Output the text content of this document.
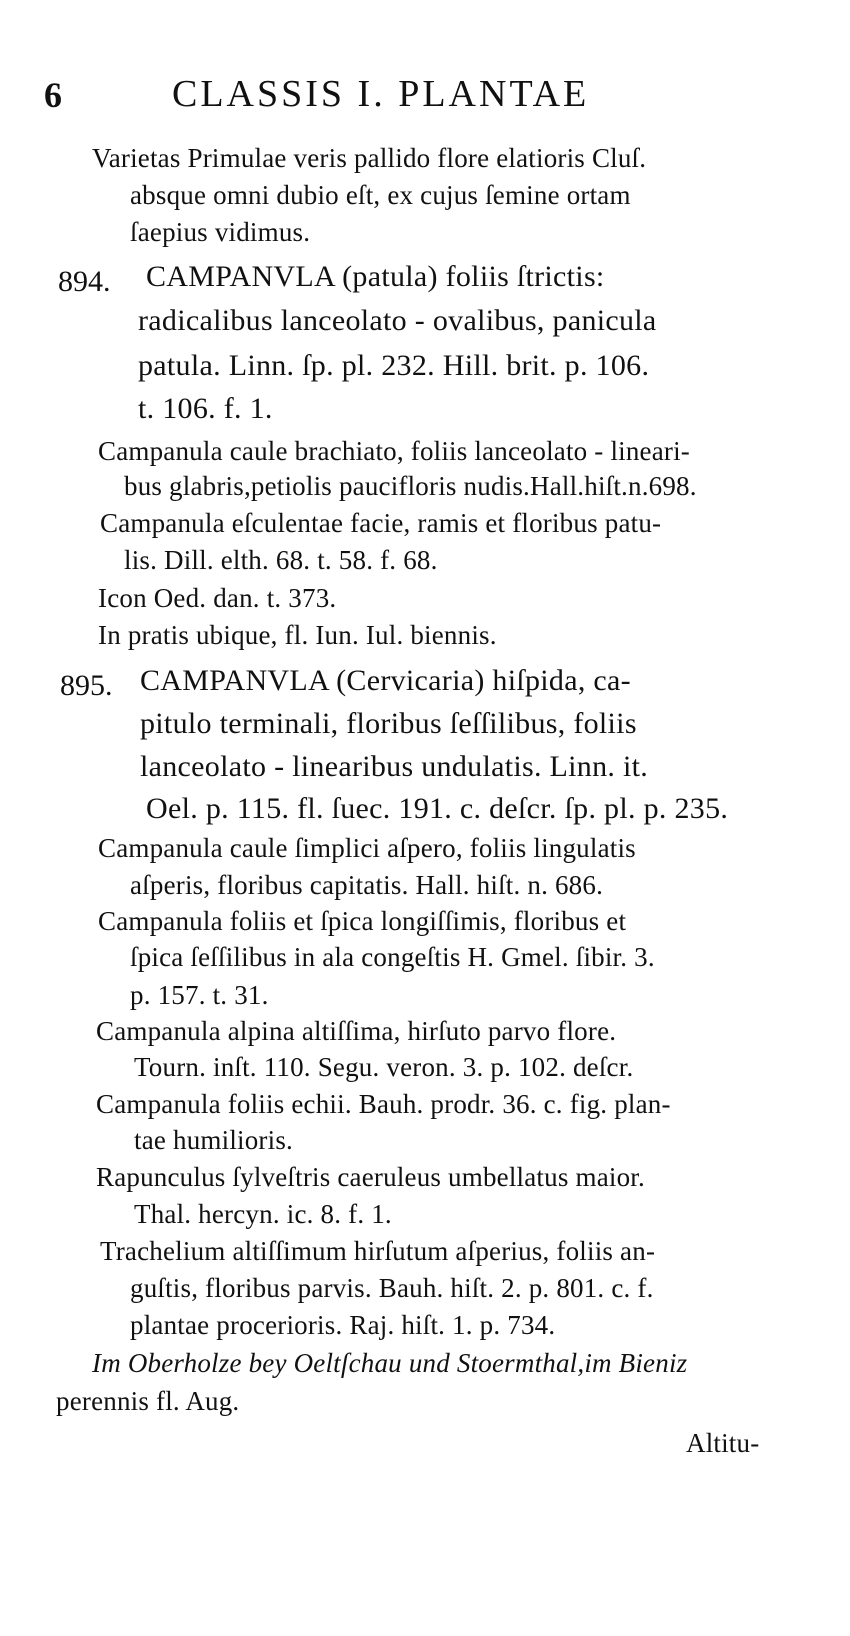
6	CLASSIS I. PLANTAE
Varietas Primulae veris pallido flore elatioris Cluſ.
absque omni dubio eſt, ex cujus ſemine ortam
ſaepius vidimus.
894. CAMPANVLA (patula) foliis ſtrictis:
radicalibus lanceolato - ovalibus, panicula
patula. Linn. ſp. pl. 232. Hill. brit. p. 106.
t. 106. f. 1.
Campanula caule brachiato, foliis lanceolato - lineari-
bus glabris,petiolis paucifloris nudis.Hall.hiſt.n.698.
Campanula eſculentae facie, ramis et floribus patu-
lis. Dill. elth. 68. t. 58. f. 68.
Icon Oed. dan. t. 373.
In pratis ubique, fl. Iun. Iul. biennis.
895. CAMPANVLA (Cervicaria) hiſpida, ca-
pitulo terminali, floribus ſeſſilibus, foliis
lanceolato - linearibus undulatis. Linn. it.
Oel. p. 115. fl. ſuec. 191. c. deſcr. ſp. pl. p. 235.
Campanula caule ſimplici aſpero, foliis lingulatis
aſperis, floribus capitatis. Hall. hiſt. n. 686.
Campanula foliis et ſpica longiſſimis, floribus et
ſpica ſeſſilibus in ala congeſtis H. Gmel. ſibir. 3.
p. 157. t. 31.
Campanula alpina altiſſima, hirſuto parvo flore.
Tourn. inſt. 110. Segu. veron. 3. p. 102. deſcr.
Campanula foliis echii. Bauh. prodr. 36. c. fig. plan-
tae humilioris.
Rapunculus ſylveſtris caeruleus umbellatus maior.
Thal. hercyn. ic. 8. f. 1.
Trachelium altiſſimum hirſutum aſperius, foliis an-
guſtis, floribus parvis. Bauh. hiſt. 2. p. 801. c. f.
plantae procerioris. Raj. hiſt. 1. p. 734.
Im Oberholze bey Oeltſchau und Stoermthal,im Bieniz
perennis fl. Aug.
Altitu-
